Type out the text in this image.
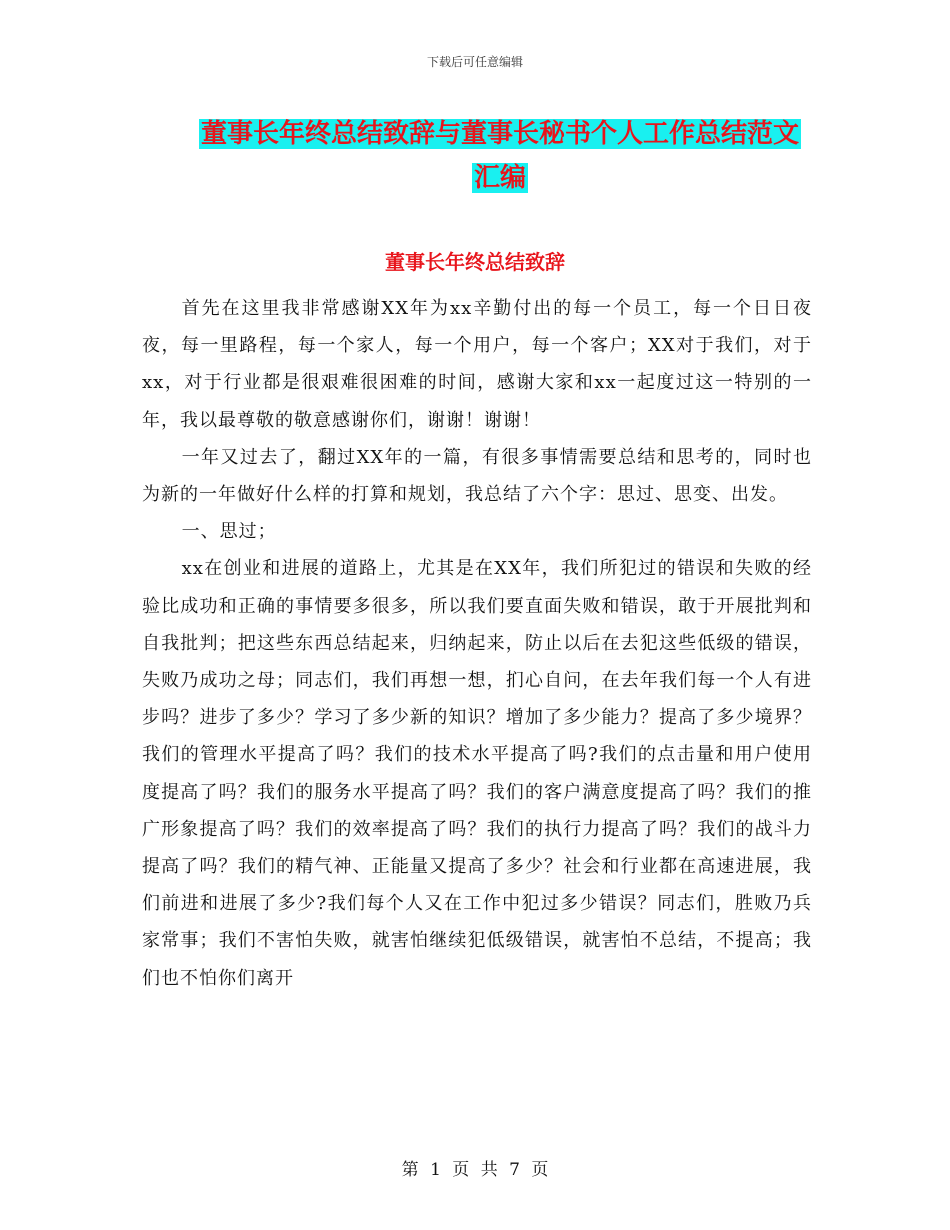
下载后可任意编辑
董事长年终总结致辞与董事长秘书个人工作总结范文
汇编
董事长年终总结致辞

首先在这里我非常感谢XX年为xx辛勤付出的每一个员工，每一个日日夜夜，每一里路程，每一个家人，每一个用户，每一个客户；XX对于我们，对于xx，对于行业都是很艰难很困难的时间，感谢大家和xx一起度过这一特别的一年，我以最尊敬的敬意感谢你们，谢谢！谢谢！

一年又过去了，翻过XX年的一篇，有很多事情需要总结和思考的，同时也为新的一年做好什么样的打算和规划，我总结了六个字：思过、思变、出发。

一、思过；

xx在创业和进展的道路上，尤其是在XX年，我们所犯过的错误和失败的经验比成功和正确的事情要多很多，所以我们要直面失败和错误，敢于开展批判和自我批判；把这些东西总结起来，归纳起来，防止以后在去犯这些低级的错误，失败乃成功之母；同志们，我们再想一想，扪心自问，在去年我们每一个人有进步吗？进步了多少？学习了多少新的知识？增加了多少能力？提高了多少境界？我们的管理水平提高了吗？我们的技术水平提高了吗?我们的点击量和用户使用度提高了吗？我们的服务水平提高了吗？我们的客户满意度提高了吗？我们的推广形象提高了吗？我们的效率提高了吗？我们的执行力提高了吗？我们的战斗力提高了吗？我们的精气神、正能量又提高了多少？社会和行业都在高速进展，我们前进和进展了多少?我们每个人又在工作中犯过多少错误？同志们，胜败乃兵家常事；我们不害怕失败，就害怕继续犯低级错误，就害怕不总结，不提高；我们也不怕你们离开

第 1 页 共 7 页
